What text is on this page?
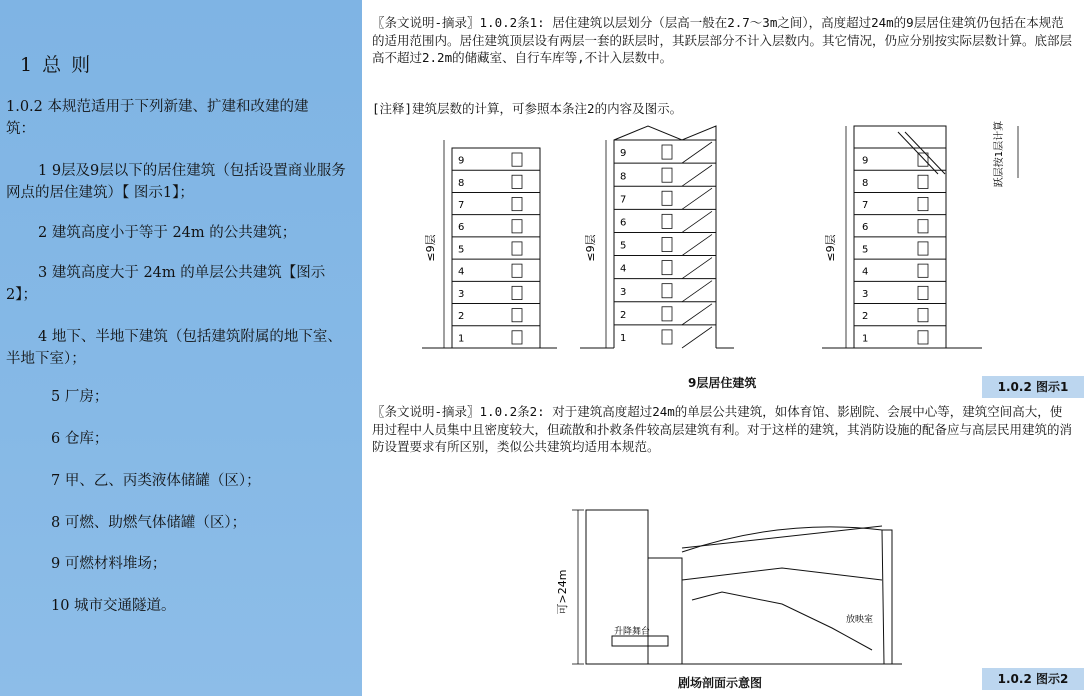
1 总 则
1.0.2 本规范适用于下列新建、扩建和改建的建筑：
1 9层及9层以下的居住建筑（包括设置商业服务网点的居住建筑）【 图示1】；
2 建筑高度小于等于 24m 的公共建筑；
3 建筑高度大于 24m 的单层公共建筑【图示2】；
4 地下、半地下建筑（包括建筑附属的地下室、半地下室）；
5 厂房；
6 仓库；
7 甲、乙、丙类液体储罐（区）；
8 可燃、助燃气体储罐（区）；
9 可燃材料堆场；
10 城市交通隧道。
〖条文说明-摘录〗1.0.2条1: 居住建筑以层划分（层高一般在2.7～3m之间），高度超过24m的9层居住建筑仍包括在本规范的适用范围内。居住建筑顶层设有两层一套的跃层时，其跃层部分不计入层数内。其它情况，仍应分别按实际层数计算。底部层高不超过2.2m的储藏室、自行车库等,不计入层数中。
[注释]建筑层数的计算，可参照本条注2的内容及图示。
9
8
7
6
5
4
3
2
1
9
8
7
6
5
4
3
2
1
9
8
7
6
5
4
3
2
1
≤9层	≤9层	≤9层
跃层按1层计算
9层居住建筑	1.0.2 图示1
〖条文说明-摘录〗1.0.2条2: 对于建筑高度超过24m的单层公共建筑，如体育馆、影剧院、会展中心等，建筑空间高大，使用过程中人员集中且密度较大，但疏散和扑救条件较高层建筑有利。对于这样的建筑，其消防设施的配备应与高层民用建筑的消防设置要求有所区别，类似公共建筑均适用本规范。
可>24m
升降舞台
放映室
剧场剖面示意图	1.0.2 图示2
